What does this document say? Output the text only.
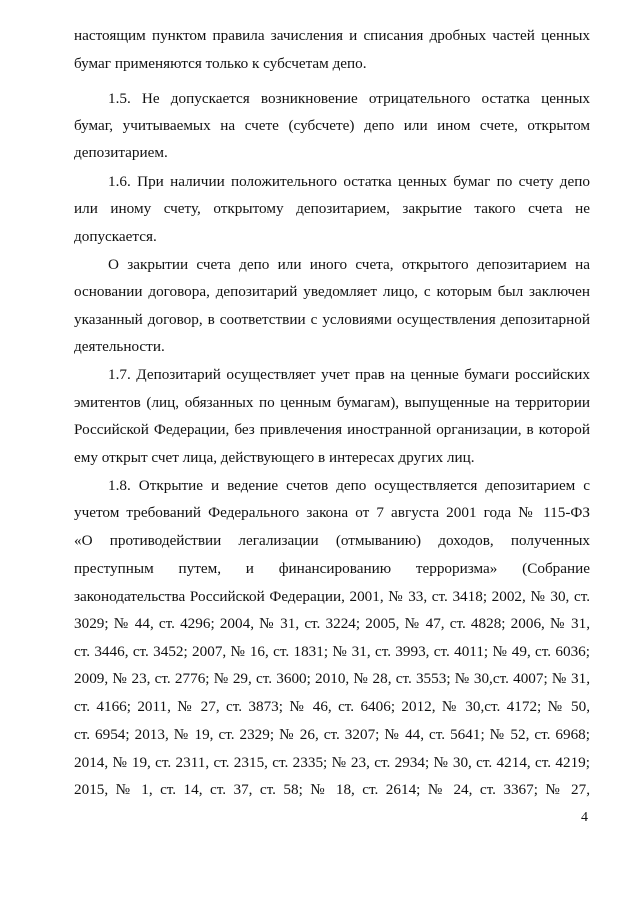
настоящим пунктом правила зачисления и списания дробных частей ценных
бумаг применяются только к субсчетам депо.
1.5. Не допускается возникновение отрицательного остатка ценных
бумаг, учитываемых на счете (субсчете) депо или ином счете, открытом
депозитарием.
1.6. При наличии положительного остатка ценных бумаг по счету депо
или иному счету, открытому депозитарием, закрытие такого счета не
допускается.
О закрытии счета депо или иного счета, открытого депозитарием на
основании договора, депозитарий уведомляет лицо, с которым был заключен
указанный договор, в соответствии с условиями осуществления депозитарной
деятельности.
1.7. Депозитарий осуществляет учет прав на ценные бумаги российских
эмитентов (лиц, обязанных по ценным бумагам), выпущенные на территории
Российской Федерации, без привлечения иностранной организации, в которой
ему открыт счет лица, действующего в интересах других лиц.
1.8. Открытие и ведение счетов депо осуществляется депозитарием с
учетом требований Федерального закона от 7 августа 2001 года № 115-ФЗ
«О противодействии легализации (отмыванию) доходов, полученных
преступным путем, и финансированию терроризма» (Собрание
законодательства Российской Федерации, 2001, № 33, ст. 3418; 2002, № 30, ст.
3029; № 44, ст. 4296; 2004, № 31, ст. 3224; 2005, № 47, ст. 4828; 2006, № 31,
ст. 3446, ст. 3452; 2007, № 16, ст. 1831; № 31, ст. 3993, ст. 4011; № 49, ст. 6036;
2009, № 23, ст. 2776; № 29, ст. 3600; 2010, № 28, ст. 3553; № 30,ст. 4007; № 31,
ст. 4166; 2011, № 27, ст. 3873; № 46, ст. 6406; 2012, № 30,ст. 4172; № 50,
ст. 6954; 2013, № 19, ст. 2329; № 26, ст. 3207; № 44, ст. 5641; № 52, ст. 6968;
2014, № 19, ст. 2311, ст. 2315, ст. 2335; № 23, ст. 2934; № 30, ст. 4214, ст. 4219;
2015, № 1, ст. 14, ст. 37, ст. 58; № 18, ст. 2614; № 24, ст. 3367; № 27,
4
